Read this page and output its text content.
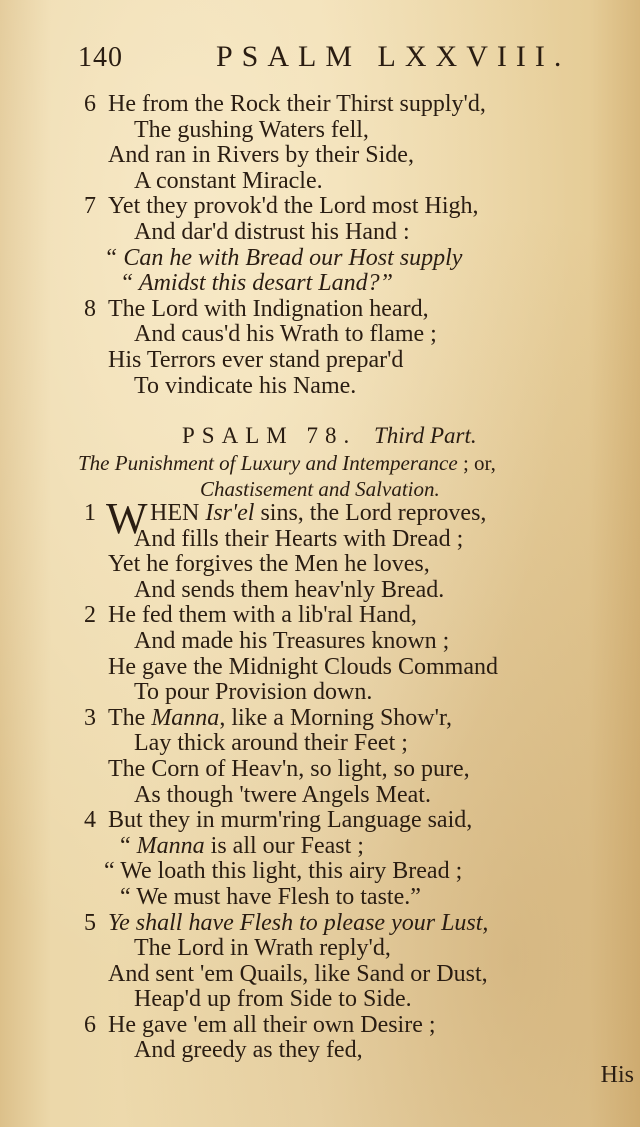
140	PSALM LXXVIII.
6 He from the Rock their Thirst supply'd,
The gushing Waters fell,
And ran in Rivers by their Side,
A constant Miracle.
7 Yet they provok'd the Lord most High,
And dar'd distrust his Hand :
“ Can he with Bread our Host supply
“ Amidst this desart Land?”
8 The Lord with Indignation heard,
And caus'd his Wrath to flame ;
His Terrors ever stand prepar'd
To vindicate his Name.
PSALM 78. Third Part.
The Punishment of Luxury and Intemperance ; or,
Chastisement and Salvation.
1 W HEN Isr'el sins, the Lord reproves,
And fills their Hearts with Dread ;
Yet he forgives the Men he loves,
And sends them heav'nly Bread.
2 He fed them with a lib'ral Hand,
And made his Treasures known ;
He gave the Midnight Clouds Command
To pour Provision down.
3 The Manna, like a Morning Show'r,
Lay thick around their Feet ;
The Corn of Heav'n, so light, so pure,
As though 'twere Angels Meat.
4 But they in murm'ring Language said,
“ Manna is all our Feast ;
“ We loath this light, this airy Bread ;
“ We must have Flesh to taste.”
5 Ye shall have Flesh to please your Lust,
The Lord in Wrath reply'd,
And sent 'em Quails, like Sand or Dust,
Heap'd up from Side to Side.
6 He gave 'em all their own Desire ;
And greedy as they fed,
His
